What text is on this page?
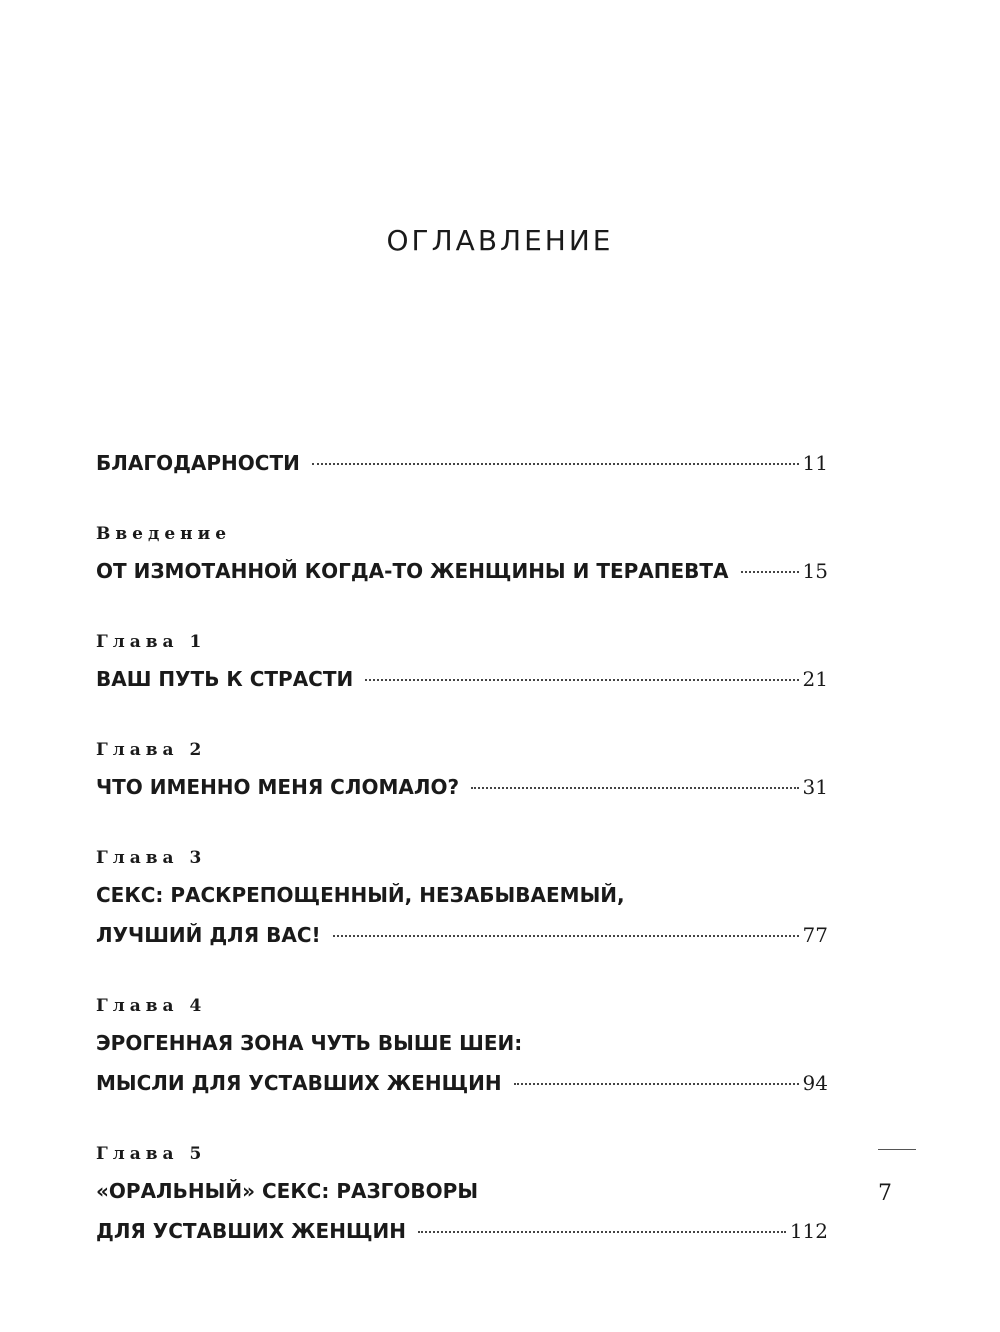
ОГЛАВЛЕНИЕ
БЛАГОДАРНОСТИ	11
Введение
ОТ ИЗМОТАННОЙ КОГДА-ТО ЖЕНЩИНЫ И ТЕРАПЕВТА	15
Глава 1
ВАШ ПУТЬ К СТРАСТИ	21
Глава 2
ЧТО ИМЕННО МЕНЯ СЛОМАЛО?	31
Глава 3
СЕКС: РАСКРЕПОЩЕННЫЙ, НЕЗАБЫВАЕМЫЙ,
ЛУЧШИЙ ДЛЯ ВАС!	77
Глава 4
ЭРОГЕННАЯ ЗОНА ЧУТЬ ВЫШЕ ШЕИ:
МЫСЛИ ДЛЯ УСТАВШИХ ЖЕНЩИН	94
Глава 5
«ОРАЛЬНЫЙ» СЕКС: РАЗГОВОРЫ
ДЛЯ УСТАВШИХ ЖЕНЩИН	112
7
